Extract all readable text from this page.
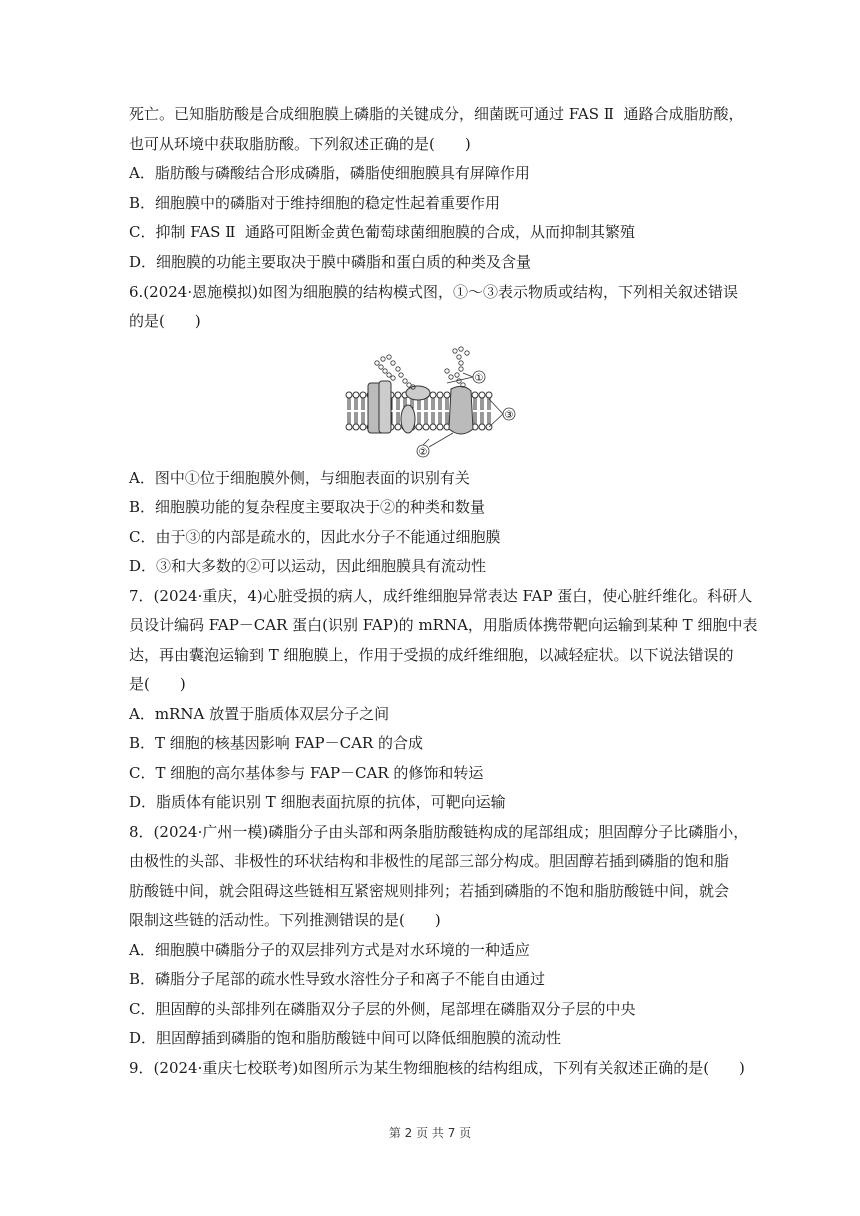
死亡。已知脂肪酸是合成细胞膜上磷脂的关键成分，细菌既可通过 FAS Ⅱ  通路合成脂肪酸，
也可从环境中获取脂肪酸。下列叙述正确的是(　　)
A．脂肪酸与磷酸结合形成磷脂，磷脂使细胞膜具有屏障作用
B．细胞膜中的磷脂对于维持细胞的稳定性起着重要作用
C．抑制 FAS Ⅱ  通路可阻断金黄色葡萄球菌细胞膜的合成，从而抑制其繁殖
D．细胞膜的功能主要取决于膜中磷脂和蛋白质的种类及含量
6.(2024·恩施模拟)如图为细胞膜的结构模式图，①～③表示物质或结构，下列相关叙述错误
的是(　　)
①
③
②
A．图中①位于细胞膜外侧，与细胞表面的识别有关
B．细胞膜功能的复杂程度主要取决于②的种类和数量
C．由于③的内部是疏水的，因此水分子不能通过细胞膜
D．③和大多数的②可以运动，因此细胞膜具有流动性
7．(2024·重庆，4)心脏受损的病人，成纤维细胞异常表达 FAP 蛋白，使心脏纤维化。科研人
员设计编码 FAP－CAR 蛋白(识别 FAP)的 mRNA，用脂质体携带靶向运输到某种 T 细胞中表
达，再由囊泡运输到 T 细胞膜上，作用于受损的成纤维细胞，以减轻症状。以下说法错误的
是(　　)
A．mRNA 放置于脂质体双层分子之间
B．T 细胞的核基因影响 FAP－CAR 的合成
C．T 细胞的高尔基体参与 FAP－CAR 的修饰和转运
D．脂质体有能识别 T 细胞表面抗原的抗体，可靶向运输
8．(2024·广州一模)磷脂分子由头部和两条脂肪酸链构成的尾部组成；胆固醇分子比磷脂小，
由极性的头部、非极性的环状结构和非极性的尾部三部分构成。胆固醇若插到磷脂的饱和脂
肪酸链中间，就会阻碍这些链相互紧密规则排列；若插到磷脂的不饱和脂肪酸链中间，就会
限制这些链的活动性。下列推测错误的是(　　)
A．细胞膜中磷脂分子的双层排列方式是对水环境的一种适应
B．磷脂分子尾部的疏水性导致水溶性分子和离子不能自由通过
C．胆固醇的头部排列在磷脂双分子层的外侧，尾部埋在磷脂双分子层的中央
D．胆固醇插到磷脂的饱和脂肪酸链中间可以降低细胞膜的流动性
9．(2024·重庆七校联考)如图所示为某生物细胞核的结构组成，下列有关叙述正确的是(　　)
第 2 页 共 7 页
